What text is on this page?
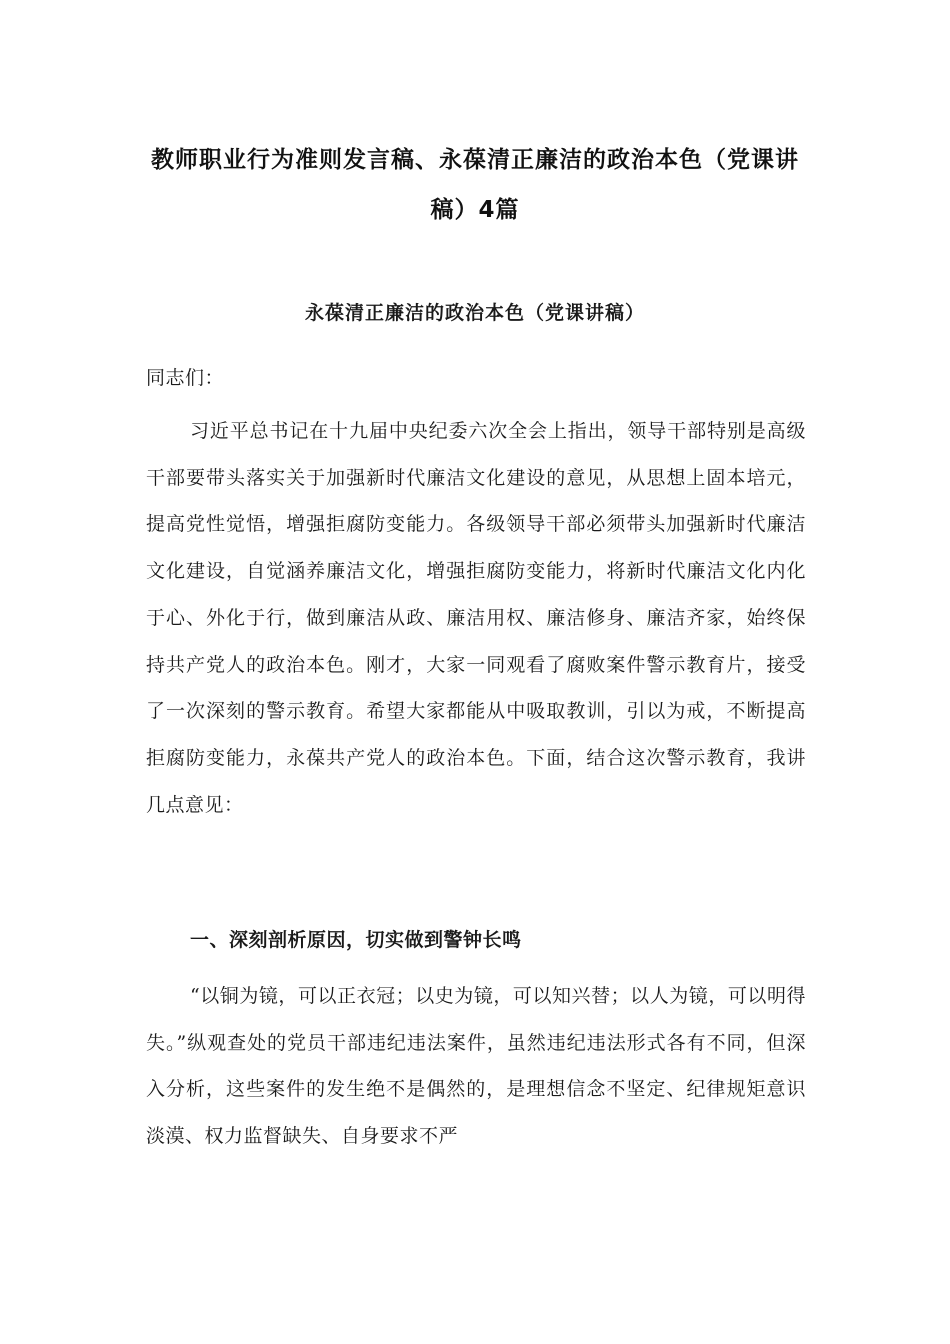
教师职业行为准则发言稿、永葆清正廉洁的政治本色（党课讲稿）4篇
永葆清正廉洁的政治本色（党课讲稿）

同志们：

习近平总书记在十九届中央纪委六次全会上指出，领导干部特别是高级干部要带头落实关于加强新时代廉洁文化建设的意见，从思想上固本培元，提高党性觉悟，增强拒腐防变能力。各级领导干部必须带头加强新时代廉洁文化建设，自觉涵养廉洁文化，增强拒腐防变能力，将新时代廉洁文化内化于心、外化于行，做到廉洁从政、廉洁用权、廉洁修身、廉洁齐家，始终保持共产党人的政治本色。刚才，大家一同观看了腐败案件警示教育片，接受了一次深刻的警示教育。希望大家都能从中吸取教训，引以为戒，不断提高拒腐防变能力，永葆共产党人的政治本色。下面，结合这次警示教育，我讲几点意见：

一、深刻剖析原因，切实做到警钟长鸣

“以铜为镜，可以正衣冠；以史为镜，可以知兴替；以人为镜，可以明得失。”纵观查处的党员干部违纪违法案件，虽然违纪违法形式各有不同，但深入分析，这些案件的发生绝不是偶然的，是理想信念不坚定、纪律规矩意识淡漠、权力监督缺失、自身要求不严
